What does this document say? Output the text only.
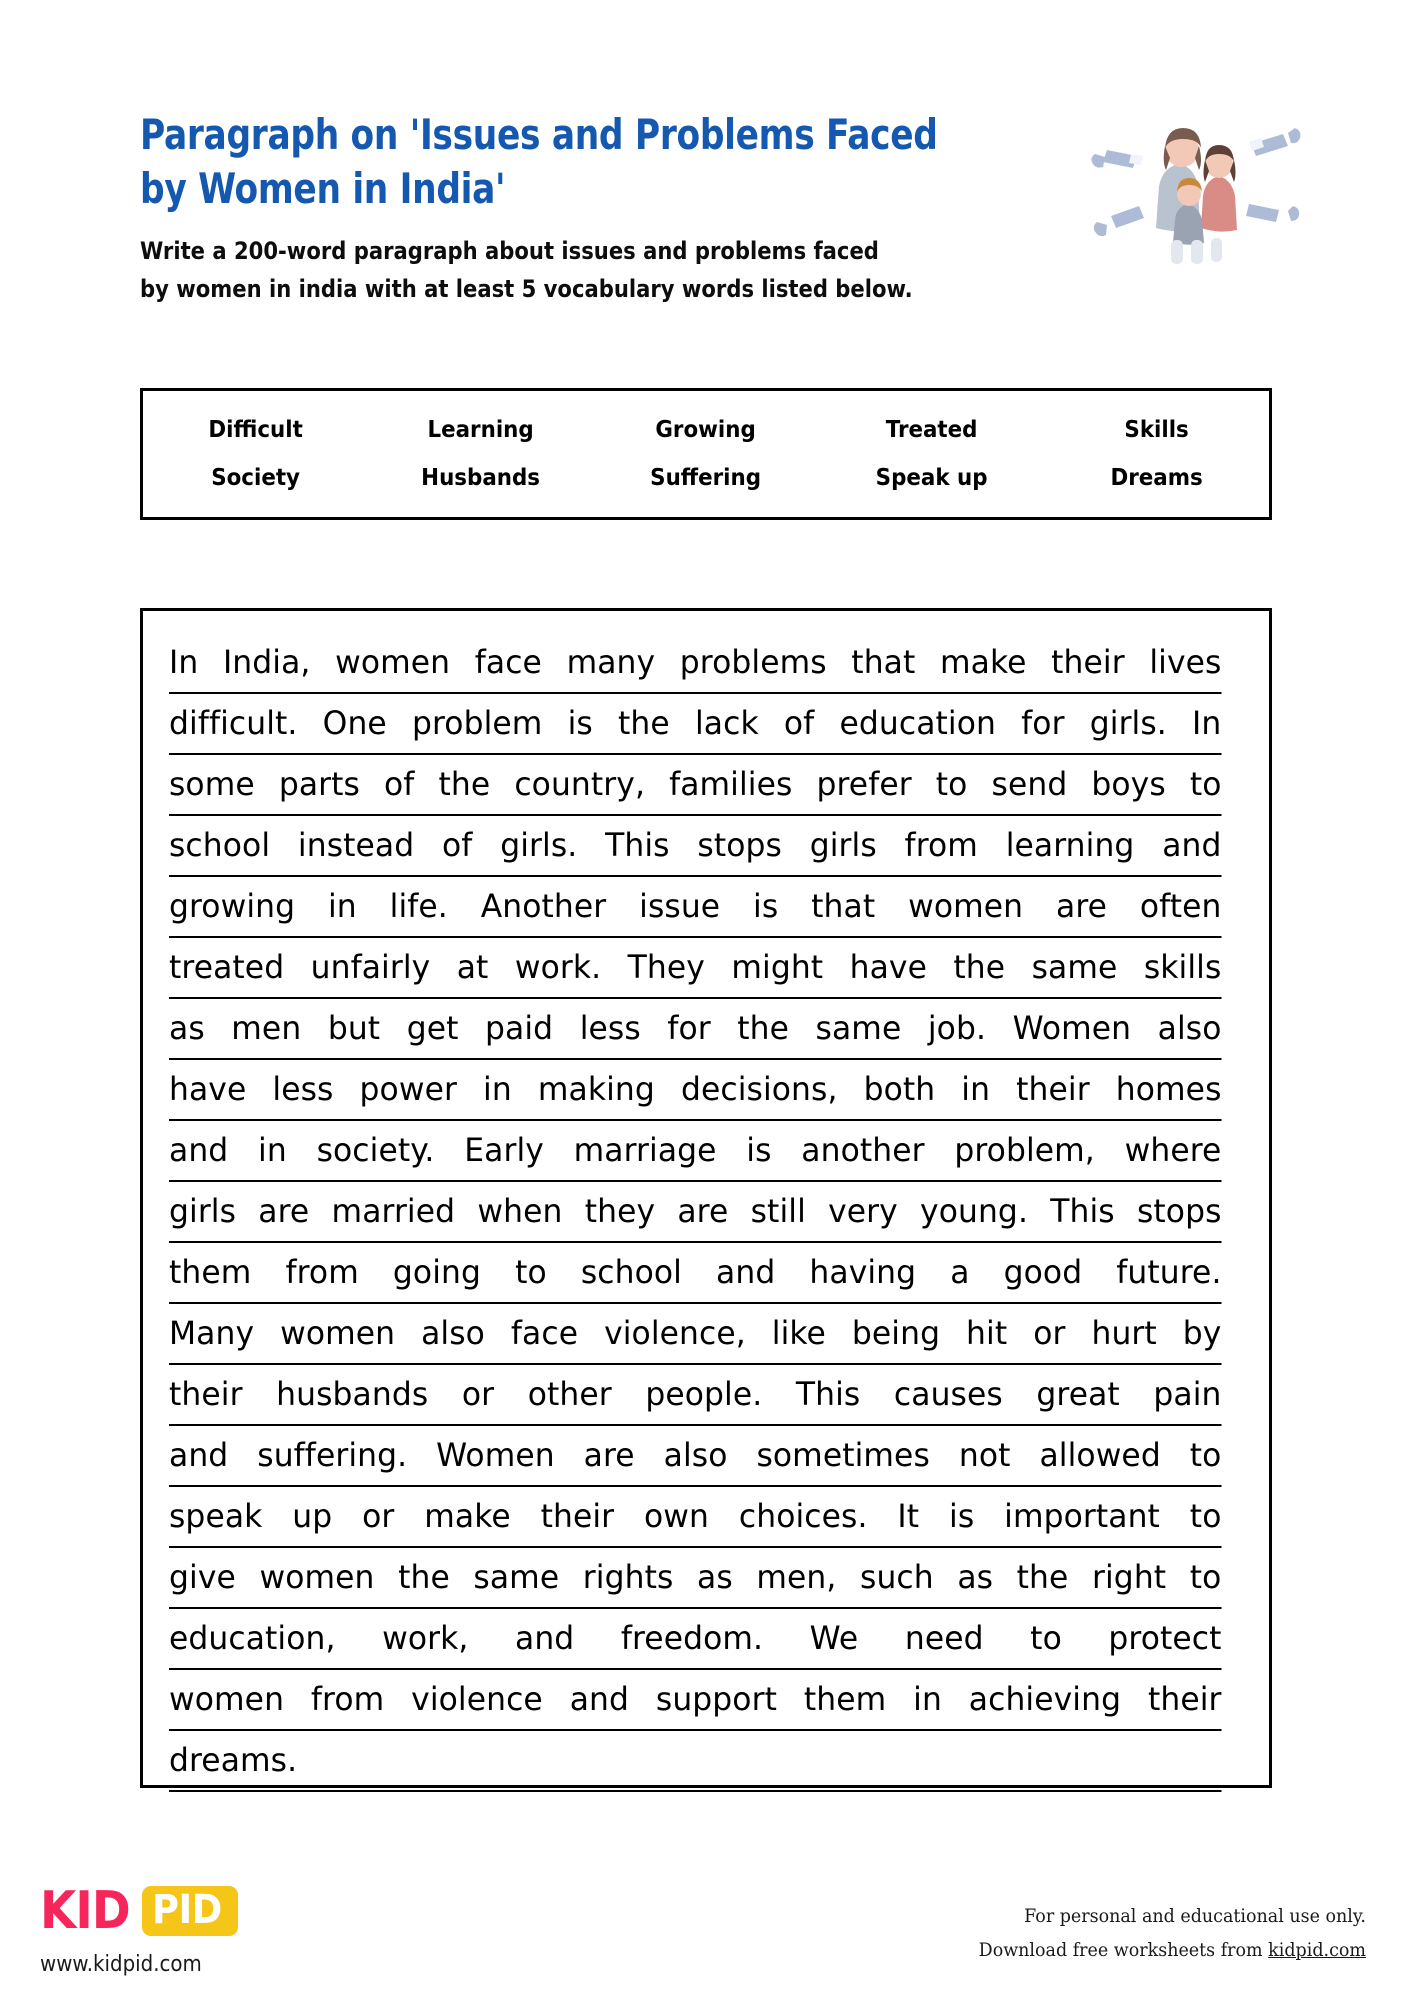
Paragraph on 'Issues and Problems Faced
by Women in India'
Write a 200-word paragraph about issues and problems faced
by women in india with at least 5 vocabulary words listed below.
Difficult	Learning	Growing	Treated	Skills
Society	Husbands	Suffering	Speak up	Dreams
In India, women face many problems that make their lives
difficult. One problem is the lack of education for girls. In
some parts of the country, families prefer to send boys to
school instead of girls. This stops girls from learning and
growing in life. Another issue is that women are often
treated unfairly at work. They might have the same skills
as men but get paid less for the same job. Women also
have less power in making decisions, both in their homes
and in society. Early marriage is another problem, where
girls are married when they are still very young. This stops
them from going to school and having a good future.
Many women also face violence, like being hit or hurt by
their husbands or other people. This causes great pain
and suffering. Women are also sometimes not allowed to
speak up or make their own choices. It is important to
give women the same rights as men, such as the right to
education, work, and freedom. We need to protect
women from violence and support them in achieving their
dreams.
KID PID
www.kidpid.com
For personal and educational use only.
Download free worksheets from kidpid.com
